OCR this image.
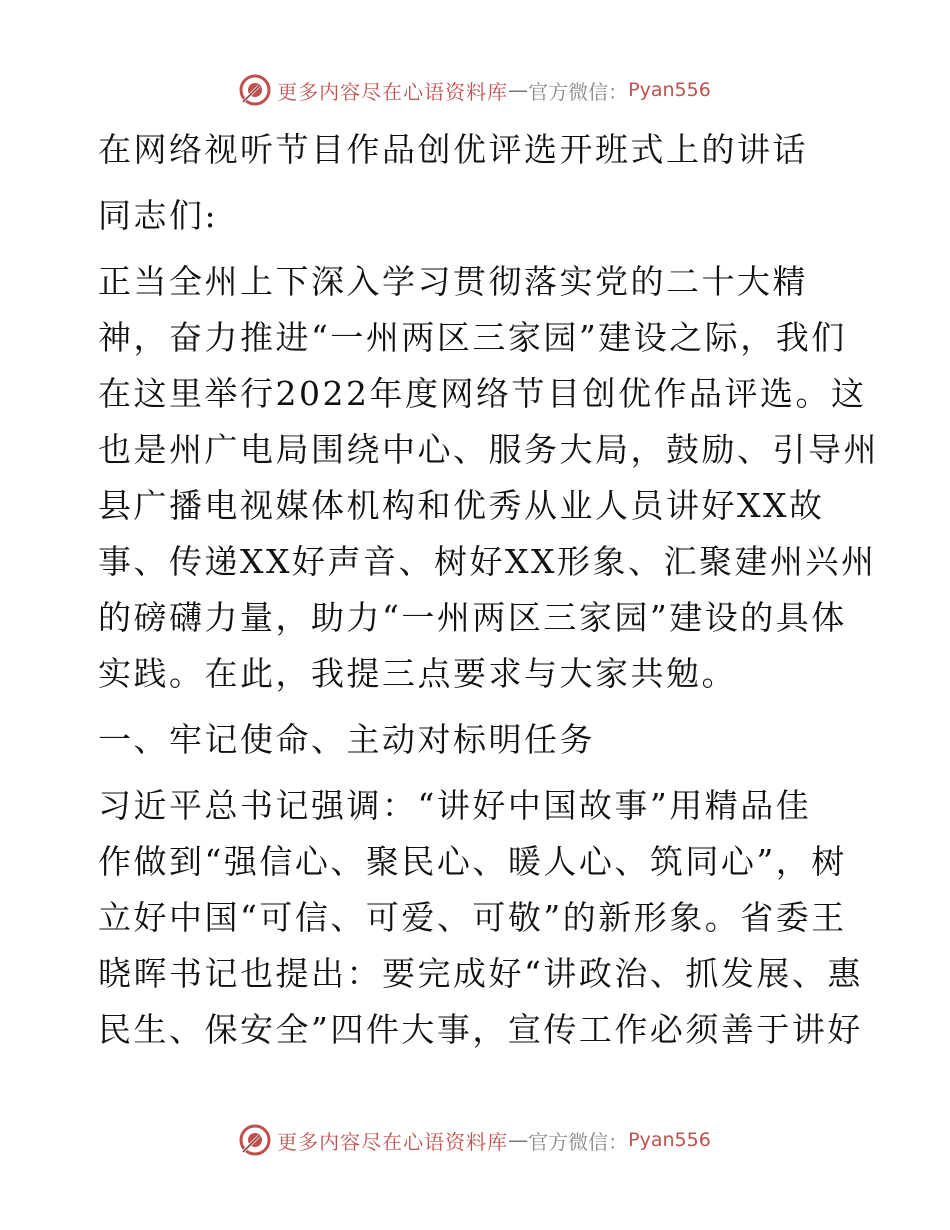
更多内容尽在心语资料库 — 官方微信： Pyan556
在网络视听节目作品创优评选开班式上的讲话
同志们:
正当全州上下深入学习贯彻落实党的二十大精
神，奋力推进“一州两区三家园”建设之际，我们
在这里举行2022年度网络节目创优作品评选。这
也是州广电局围绕中心、服务大局，鼓励、引导州
县广播电视媒体机构和优秀从业人员讲好XX故
事、传递XX好声音、树好XX形象、汇聚建州兴州
的磅礴力量，助力“一州两区三家园”建设的具体
实践。在此，我提三点要求与大家共勉。
一、牢记使命、主动对标明任务
习近平总书记强调：“讲好中国故事”用精品佳
作做到“强信心、聚民心、暖人心、筑同心”，树
立好中国“可信、可爱、可敬”的新形象。省委王
晓晖书记也提出：要完成好“讲政治、抓发展、惠
民生、保安全”四件大事，宣传工作必须善于讲好
更多内容尽在心语资料库 — 官方微信： Pyan556
